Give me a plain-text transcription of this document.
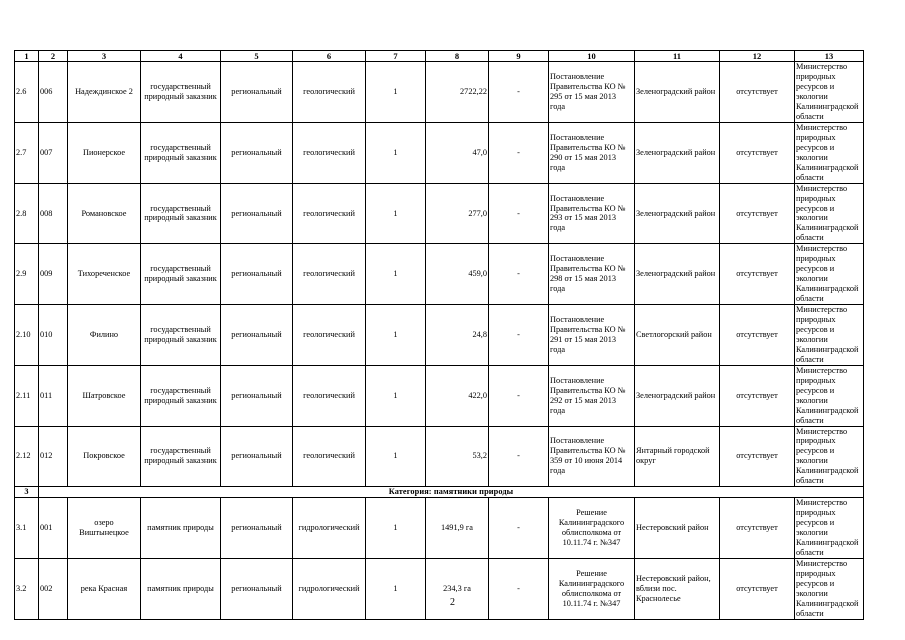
1	2	3	4	5	6	7	8	9	10	11	12	13
2.6	006	Надеждинское 2	государственный природный заказник	региональный	геологический	1	2722,22	-	Постановление Правительства КО № 295 от 15 мая 2013 года	Зеленоградский район	отсутствует	Министерство природных ресурсов и экологии Калининградской области
2.7	007	Пионерское	государственный природный заказник	региональный	геологический	1	47,0	-	Постановление Правительства КО № 290 от 15 мая 2013 года	Зеленоградский район	отсутствует	Министерство природных ресурсов и экологии Калининградской области
2.8	008	Романовское	государственный природный заказник	региональный	геологический	1	277,0	-	Постановление Правительства КО № 293 от 15 мая 2013 года	Зеленоградский район	отсутствует	Министерство природных ресурсов и экологии Калининградской области
2.9	009	Тихореченское	государственный природный заказник	региональный	геологический	1	459,0	-	Постановление Правительства КО № 298 от 15 мая 2013 года	Зеленоградский район	отсутствует	Министерство природных ресурсов и экологии Калининградской области
2.10	010	Филино	государственный природный заказник	региональный	геологический	1	24,8	-	Постановление Правительства КО № 291 от 15 мая 2013 года	Светлогорский район	отсутствует	Министерство природных ресурсов и экологии Калининградской области
2.11	011	Шатровское	государственный природный заказник	региональный	геологический	1	422,0	-	Постановление Правительства КО № 292 от 15 мая 2013 года	Зеленоградский район	отсутствует	Министерство природных ресурсов и экологии Калининградской области
2.12	012	Покровское	государственный природный заказник	региональный	геологический	1	53,2	-	Постановление Правительства КО № 359 от 10 июня 2014 года	Янтарный городской округ	отсутствует	Министерство природных ресурсов и экологии Калининградской области
3	Категория: памятники природы											
3.1	001	озеро Виштынецкое	памятник природы	региональный	гидрологический	1	1491,9 га	-	Решение Калининградского облисполкома от 10.11.74 г. №347	Нестеровский район	отсутствует	Министерство природных ресурсов и экологии Калининградской области
3.2	002	река Красная	памятник природы	региональный	гидрологический	1	234,3 га	-	Решение Калининградского облисполкома от 10.11.74 г. №347	Нестеровский район, вблизи пос. Краснолесье	отсутствует	Министерство природных ресурсов и экологии Калининградской области
2
